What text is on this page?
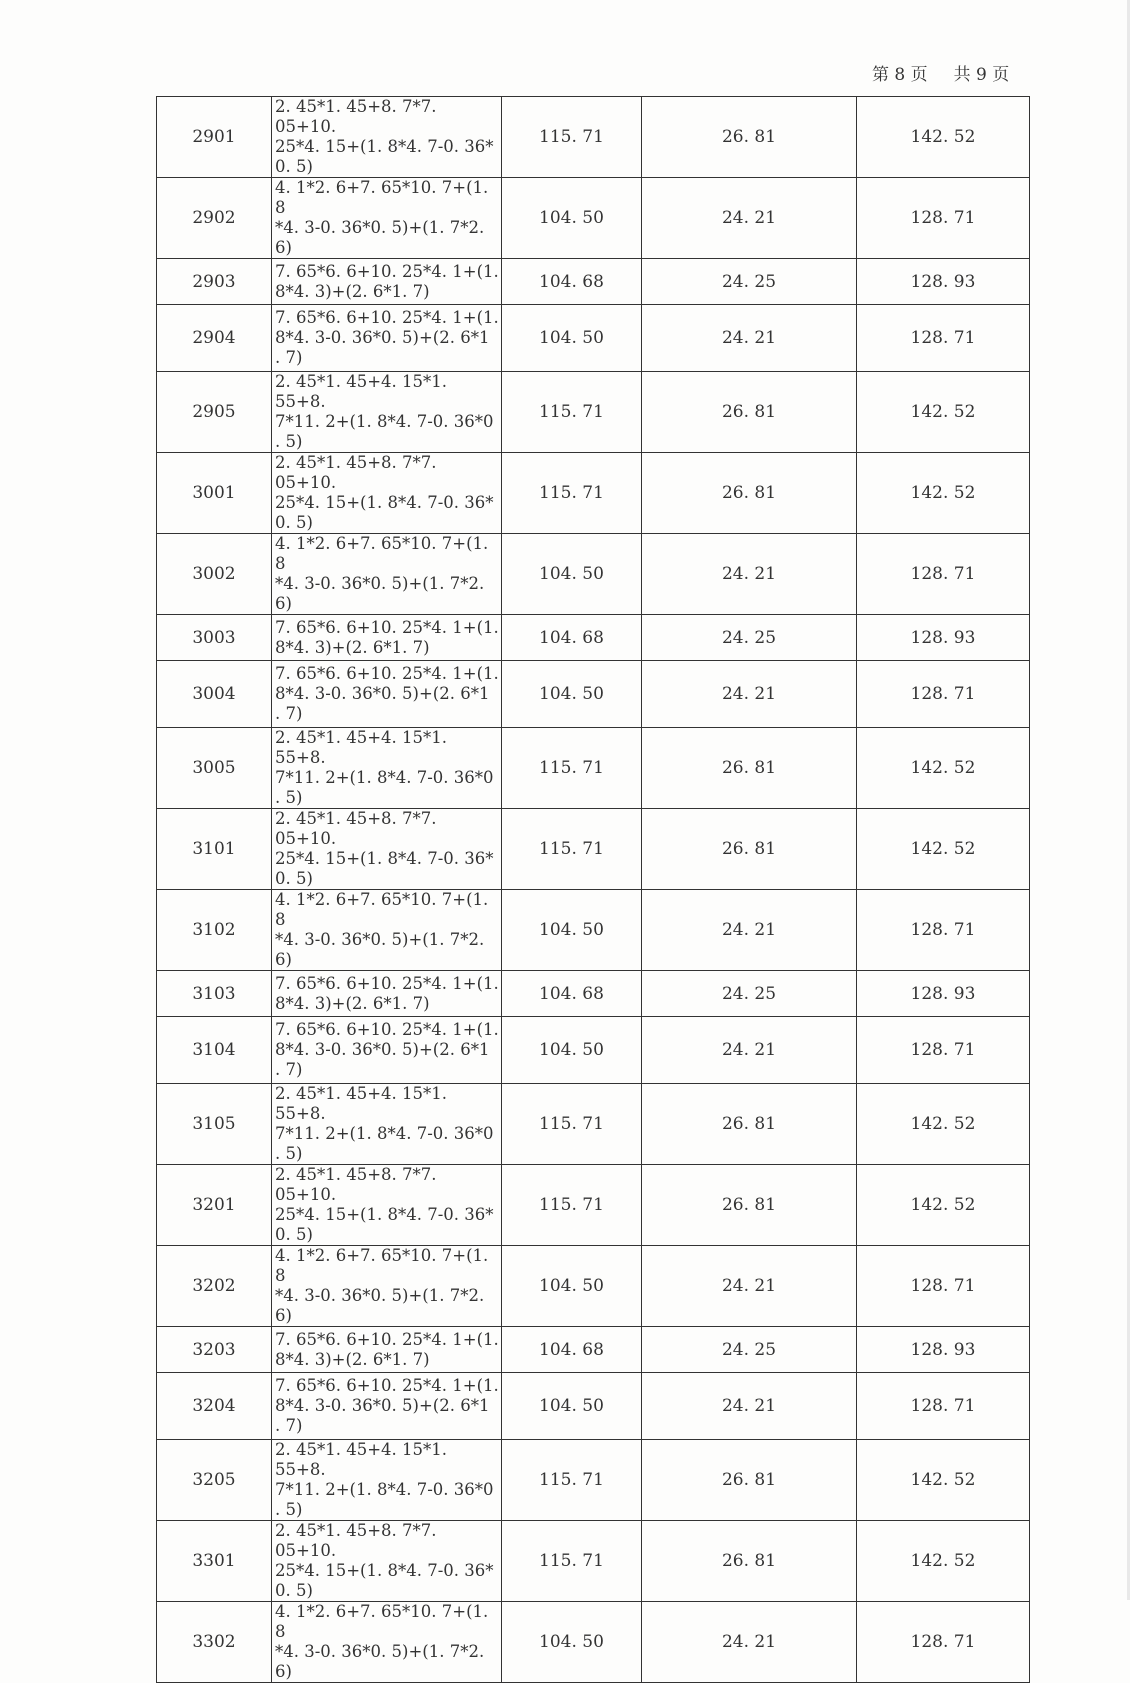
第 8 页 共 9 页
2901	2. 45*1. 45+8. 7*7. 05+10.
25*4. 15+(1. 8*4. 7-0. 36*
0. 5)	115. 71	26. 81	142. 52
2902	4. 1*2. 6+7. 65*10. 7+(1. 8
*4. 3-0. 36*0. 5)+(1. 7*2.
6)	104. 50	24. 21	128. 71
2903	7. 65*6. 6+10. 25*4. 1+(1.
8*4. 3)+(2. 6*1. 7)	104. 68	24. 25	128. 93
2904	7. 65*6. 6+10. 25*4. 1+(1.
8*4. 3-0. 36*0. 5)+(2. 6*1
. 7)	104. 50	24. 21	128. 71
2905	2. 45*1. 45+4. 15*1. 55+8.
7*11. 2+(1. 8*4. 7-0. 36*0
. 5)	115. 71	26. 81	142. 52
3001	2. 45*1. 45+8. 7*7. 05+10.
25*4. 15+(1. 8*4. 7-0. 36*
0. 5)	115. 71	26. 81	142. 52
3002	4. 1*2. 6+7. 65*10. 7+(1. 8
*4. 3-0. 36*0. 5)+(1. 7*2.
6)	104. 50	24. 21	128. 71
3003	7. 65*6. 6+10. 25*4. 1+(1.
8*4. 3)+(2. 6*1. 7)	104. 68	24. 25	128. 93
3004	7. 65*6. 6+10. 25*4. 1+(1.
8*4. 3-0. 36*0. 5)+(2. 6*1
. 7)	104. 50	24. 21	128. 71
3005	2. 45*1. 45+4. 15*1. 55+8.
7*11. 2+(1. 8*4. 7-0. 36*0
. 5)	115. 71	26. 81	142. 52
3101	2. 45*1. 45+8. 7*7. 05+10.
25*4. 15+(1. 8*4. 7-0. 36*
0. 5)	115. 71	26. 81	142. 52
3102	4. 1*2. 6+7. 65*10. 7+(1. 8
*4. 3-0. 36*0. 5)+(1. 7*2.
6)	104. 50	24. 21	128. 71
3103	7. 65*6. 6+10. 25*4. 1+(1.
8*4. 3)+(2. 6*1. 7)	104. 68	24. 25	128. 93
3104	7. 65*6. 6+10. 25*4. 1+(1.
8*4. 3-0. 36*0. 5)+(2. 6*1
. 7)	104. 50	24. 21	128. 71
3105	2. 45*1. 45+4. 15*1. 55+8.
7*11. 2+(1. 8*4. 7-0. 36*0
. 5)	115. 71	26. 81	142. 52
3201	2. 45*1. 45+8. 7*7. 05+10.
25*4. 15+(1. 8*4. 7-0. 36*
0. 5)	115. 71	26. 81	142. 52
3202	4. 1*2. 6+7. 65*10. 7+(1. 8
*4. 3-0. 36*0. 5)+(1. 7*2.
6)	104. 50	24. 21	128. 71
3203	7. 65*6. 6+10. 25*4. 1+(1.
8*4. 3)+(2. 6*1. 7)	104. 68	24. 25	128. 93
3204	7. 65*6. 6+10. 25*4. 1+(1.
8*4. 3-0. 36*0. 5)+(2. 6*1
. 7)	104. 50	24. 21	128. 71
3205	2. 45*1. 45+4. 15*1. 55+8.
7*11. 2+(1. 8*4. 7-0. 36*0
. 5)	115. 71	26. 81	142. 52
3301	2. 45*1. 45+8. 7*7. 05+10.
25*4. 15+(1. 8*4. 7-0. 36*
0. 5)	115. 71	26. 81	142. 52
3302	4. 1*2. 6+7. 65*10. 7+(1. 8
*4. 3-0. 36*0. 5)+(1. 7*2.
6)	104. 50	24. 21	128. 71
